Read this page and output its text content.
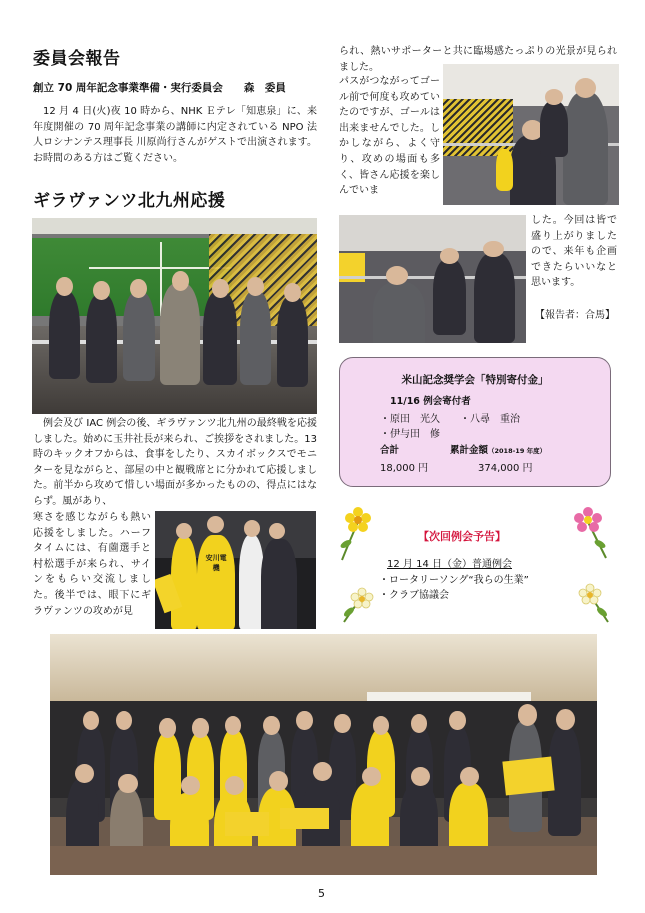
委員会報告
創立 70 周年記念事業準備・実行委員会　　森　委員
12 月 4 日(火)夜 10 時から、NHK Ｅテレ「知恵泉」に、来年度開催の 70 周年記念事業の講師に内定されている NPO 法人ロシナンテス理事長 川原尚行さんがゲストで出演されます。お時間のある方はご覧ください。
ギラヴァンツ北九州応援
例会及び IAC 例会の後、ギラヴァンツ北九州の最終戦を応援しました。始めに玉井社長が来られ、ご挨拶をされました。13 時のキックオフからは、食事をしたり、スカイボックスでモニターを見ながらと、部屋の中と観戦席とに分かれて応援しました。前半から攻めて惜しい場面が多かったものの、得点にはならず。風があり、
寒さを感じながらも熱い応援をしました。ハーフタイムには、有薗選手と村松選手が来られ、サインをもらい交流しました。後半では、眼下にギラヴァンツの攻めが見
安川電機
られ、熱いサポーターと共に臨場感たっぷりの光景が見られました。
パスがつながってゴール前で何度も攻めていたのですが、ゴールは出来ませんでした。しかしながら、よく守り、攻めの場面も多く、皆さん応援を楽しんでいま
した。今回は皆で盛り上がりましたので、来年も企画できたらいいなと思います。
【報告者：合馬】
米山記念奨学会「特別寄付金」
11/16 例会寄付者
・原田　光久 ・八尋　重治
・伊与田　修
合計	累計金額（2018-19 年度）
18,000 円	374,000 円
【次回例会予告】
12 月 14 日（金）普通例会
・ロータリーソング“我らの生業”
・クラブ協議会
5
